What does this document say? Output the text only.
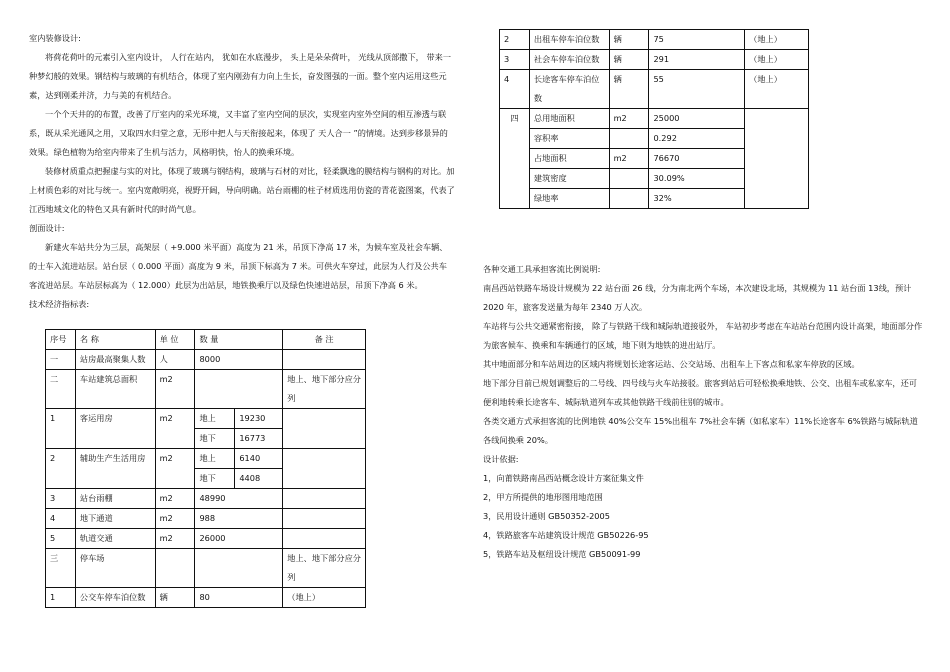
室内装修设计:

将荷花荷叶的元素引入室内设计， 人行在站内， 犹如在水底漫步， 头上是朵朵荷叶， 光线从顶部撒下， 带来一种梦幻般的效果。钢结构与玻璃的有机结合，体现了室内刚劲有力向上生长，奋发图强的一面。整个室内运用这些元素，达到刚柔并济，力与美的有机结合。

一个个天井的的布置，改善了厅室内的采光环境，又丰富了室内空间的层次，实现室内室外空间的相互渗透与联系，既从采光通风之用，又取四水归堂之意，无形中把人与天衔接起来，体现了 天人合一 ”的情境。达到步移景异的效果。绿色植物为给室内带来了生机与活力，风格明快，怡人的换乘环境。

装修材质重点把握虚与实的对比，体现了玻璃与钢结构，玻璃与石材的对比，轻柔飘逸的膜结构与钢构的对比。加上材质色彩的对比与统一。室内宽敞明亮，视野开阔，导向明确。站台雨棚的柱子材质选用仿瓷的青花瓷图案，代表了江西地域文化的特色又具有新时代的时尚气息。

剖面设计:

新建火车站共分为三层，高架层（ +9.000 米平面）高度为 21 米，吊顶下净高 17 米，为候车室及社会车辆、的士车入流进站层。站台层（ 0.000 平面）高度为 9 米，吊顶下标高为 7 米。可供火车穿过，此层为人行及公共车客流进站层。车站层标高为（ 12.000）此层为出站层，地铁换乘厅以及绿色快速进站层，吊顶下净高 6 米。

技术经济指标表:

序号	名 称	单 位	数 量		备 注
一	站房最高聚集人数	人	8000		
二	车站建筑总面积	m2			地上、地下部分应分列
1	客运用房	m2	地上	19230	
			地下	16773	
2	辅助生产生活用房	m2	地上	6140	
			地下	4408	
3	站台雨棚	m2	48990		
4	地下通道	m2	988		
5	轨道交通	m2	26000		
三	停车场				地上、地下部分应分列
1	公交车停车泊位数	辆	80		（地上）
2	出租车停车泊位数	辆	75	（地上）
3	社会车停车泊位数	辆	291	（地上）
4	长途客车停车泊位数	辆	55	（地上）
四	总用地面积	m2	25000	
	容积率		0.292	
	占地面积	m2	76670	
	建筑密度		30.09%	
	绿地率		32%	

各种交通工具承担客流比例说明:

南昌西站铁路车场设计规模为 22 站台面 26 线，分为南北两个车场，本次建设北场，其规模为 11 站台面 13线，预计 2020 年，旅客发送量为每年 2340 万人次。

车站将与公共交通紧密衔接， 除了与铁路干线和城际轨道接驳外， 车站初步考虑在车站站台范围内设计高架，地面部分作为旅客候车、换乘和车辆通行的区域，地下则为地铁的进出站厅。

其中地面部分和车站周边的区域内将规划长途客运站、公交站场、出租车上下客点和私家车停放的区域。

地下部分目前已规划调整后的二号线、四号线与火车站接驳。旅客到站后可轻松换乘地铁、公交、出租车或私家车，还可便利地转乘长途客车、城际轨道列车或其他铁路干线前往别的城市。

各类交通方式承担客流的比例地铁 40%公交车 15%出租车 7%社会车辆（如私家车）11%长途客车 6%铁路与城际轨道各线间换乘 20%。

设计依据:

1，向莆铁路南昌西站概念设计方案征集文件

2，甲方所提供的地形图用地范围

3，民用设计通则 GB50352-2005

4，铁路旅客车站建筑设计规范 GB50226-95

5，铁路车站及枢纽设计规范 GB50091-99
